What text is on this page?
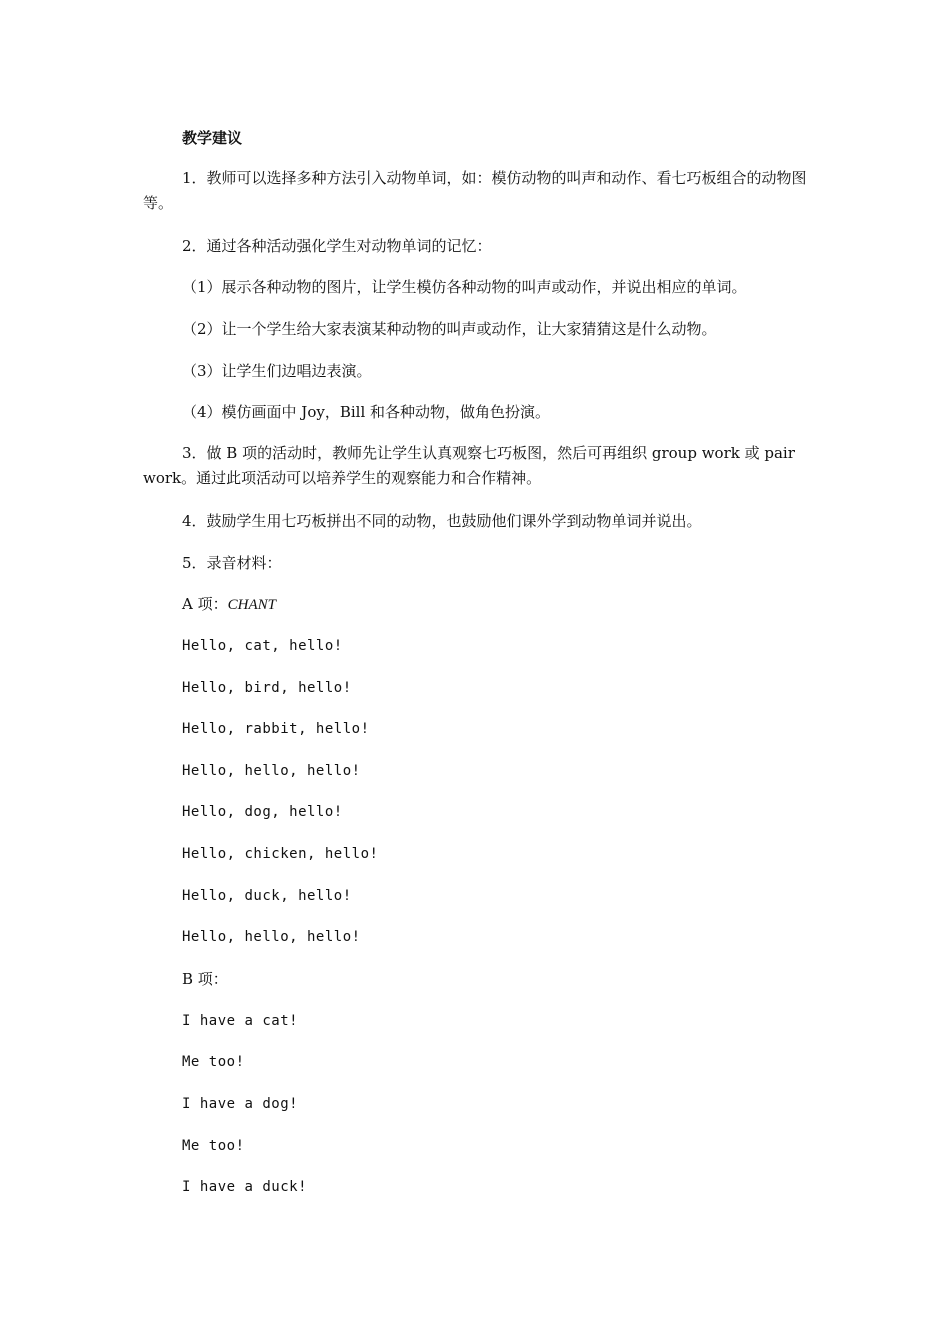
教学建议
1．教师可以选择多种方法引入动物单词，如：模仿动物的叫声和动作、看七巧板组合的动物图等。
2．通过各种活动强化学生对动物单词的记忆：
（1）展示各种动物的图片，让学生模仿各种动物的叫声或动作，并说出相应的单词。
（2）让一个学生给大家表演某种动物的叫声或动作，让大家猜猜这是什么动物。
（3）让学生们边唱边表演。
（4）模仿画面中 Joy，Bill 和各种动物，做角色扮演。
3．做 B 项的活动时，教师先让学生认真观察七巧板图，然后可再组织 group work 或 pair work。通过此项活动可以培养学生的观察能力和合作精神。
4．鼓励学生用七巧板拼出不同的动物，也鼓励他们课外学到动物单词并说出。
5．录音材料：
A 项：CHANT
Hello, cat, hello!
Hello, bird, hello!
Hello, rabbit, hello!
Hello, hello, hello!
Hello, dog, hello!
Hello, chicken, hello!
Hello, duck, hello!
Hello, hello, hello!
B 项：
I have a cat!
Me too!
I have a dog!
Me too!
I have a duck!
